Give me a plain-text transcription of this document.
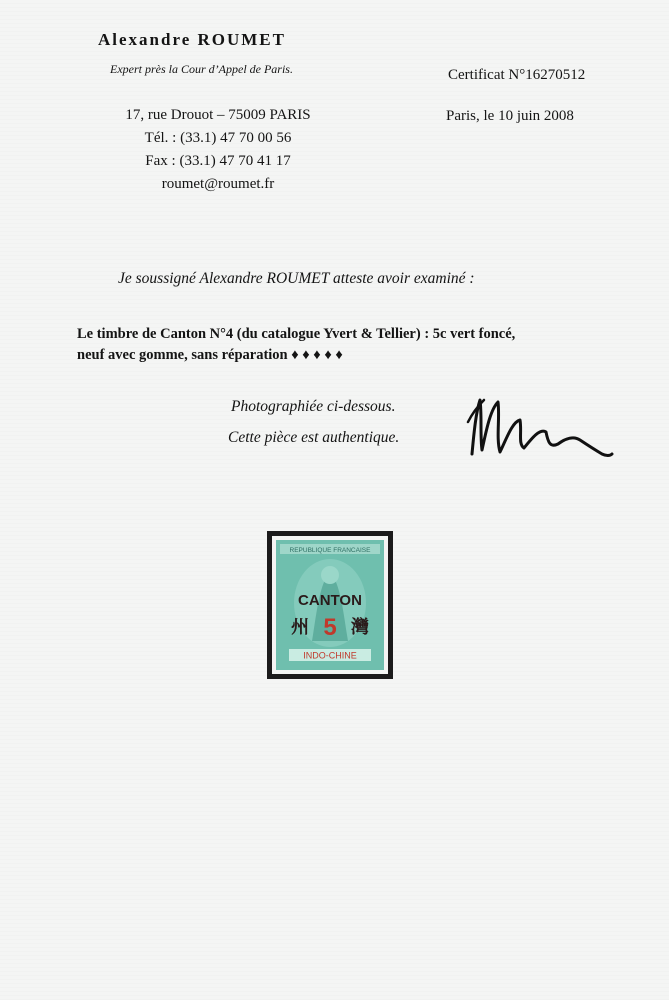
Alexandre ROUMET
Expert près la Cour d’Appel de Paris.
17, rue Drouot – 75009 PARIS
Tél. : (33.1) 47 70 00 56
Fax : (33.1) 47 70 41 17
roumet@roumet.fr
Certificat N°16270512
Paris, le 10 juin 2008
Je soussigné Alexandre ROUMET atteste avoir examiné :
Le timbre de Canton N°4 (du catalogue Yvert & Tellier) : 5c vert foncé,
neuf avec gomme, sans réparation ♦ ♦ ♦ ♦ ♦
Photographiée ci-dessous.
Cette pièce est authentique.
REPUBLIQUE FRANCAISE
CANTON
州 灣
5
INDO-CHINE
